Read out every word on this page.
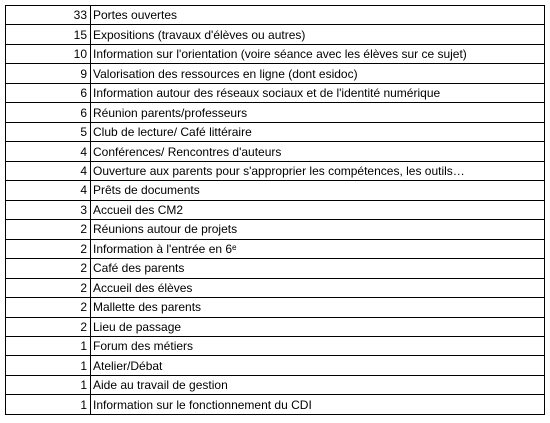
33	Portes ouvertes
15	Expositions (travaux d'élèves ou autres)
10	Information sur l'orientation (voire séance avec les élèves sur ce sujet)
9	Valorisation des ressources en ligne (dont esidoc)
6	Information autour des réseaux sociaux et de l'identité numérique
6	Réunion parents/professeurs
5	Club de lecture/ Café littéraire
4	Conférences/ Rencontres d'auteurs
4	Ouverture aux parents pour s'approprier les compétences, les outils…
4	Prêts de documents
3	Accueil des CM2
2	Réunions autour de projets
2	Information à l'entrée en 6ᵉ
2	Café des parents
2	Accueil des élèves
2	Mallette des parents
2	Lieu de passage
1	Forum des métiers
1	Atelier/Débat
1	Aide au travail de gestion
1	Information sur le fonctionnement du CDI
